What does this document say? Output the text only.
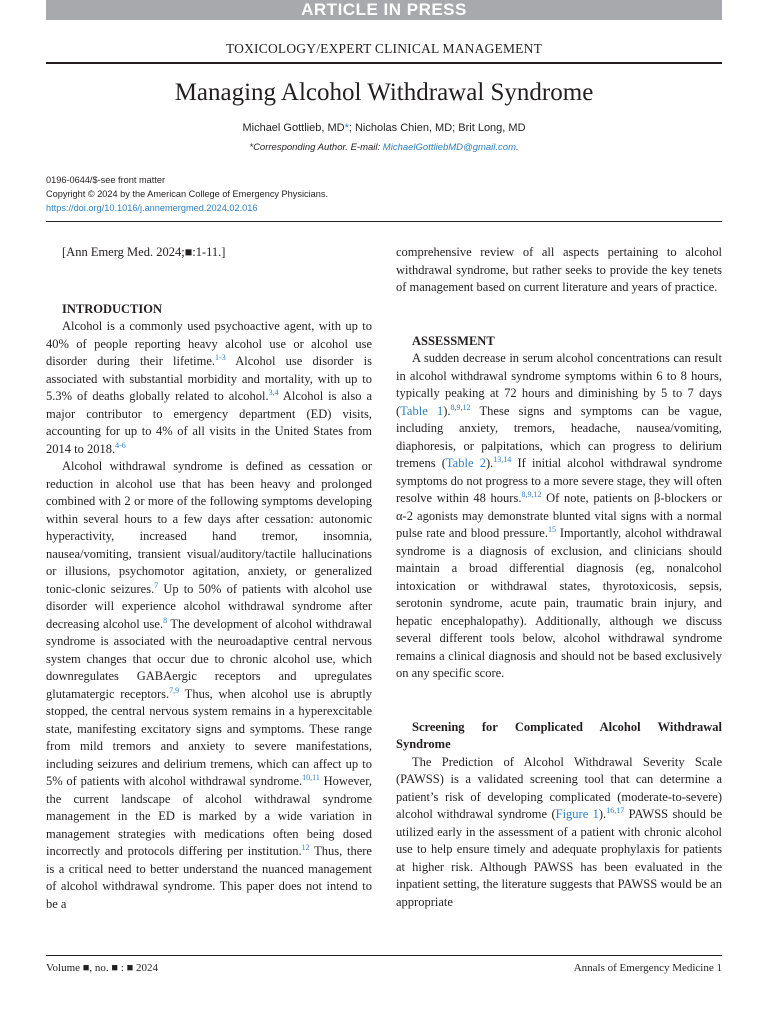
ARTICLE IN PRESS
TOXICOLOGY/EXPERT CLINICAL MANAGEMENT
Managing Alcohol Withdrawal Syndrome
Michael Gottlieb, MD*; Nicholas Chien, MD; Brit Long, MD
*Corresponding Author. E-mail: MichaelGottliebMD@gmail.com.
0196-0644/$-see front matter
Copyright © 2024 by the American College of Emergency Physicians.
https://doi.org/10.1016/j.annemergmed.2024.02.016

[Ann Emerg Med. 2024;■:1-11.]

INTRODUCTION

Alcohol is a commonly used psychoactive agent, with up to 40% of people reporting heavy alcohol use or alcohol use disorder during their lifetime.$^{1-3}$ Alcohol use disorder is associated with substantial morbidity and mortality, with up to 5.3% of deaths globally related to alcohol.$^{3,4}$ Alcohol is also a major contributor to emergency department (ED) visits, accounting for up to 4% of all visits in the United States from 2014 to 2018.$^{4-6}$

Alcohol withdrawal syndrome is defined as cessation or reduction in alcohol use that has been heavy and prolonged combined with 2 or more of the following symptoms developing within several hours to a few days after cessation: autonomic hyperactivity, increased hand tremor, insomnia, nausea/vomiting, transient visual/auditory/tactile hallucinations or illusions, psychomotor agitation, anxiety, or generalized tonic-clonic seizures.$^7$ Up to 50% of patients with alcohol use disorder will experience alcohol withdrawal syndrome after decreasing alcohol use.$^8$ The development of alcohol withdrawal syndrome is associated with the neuroadaptive central nervous system changes that occur due to chronic alcohol use, which downregulates GABAergic receptors and upregulates glutamatergic receptors.$^{7,9}$ Thus, when alcohol use is abruptly stopped, the central nervous system remains in a hyperexcitable state, manifesting excitatory signs and symptoms. These range from mild tremors and anxiety to severe manifestations, including seizures and delirium tremens, which can affect up to 5% of patients with alcohol withdrawal syndrome.$^{10,11}$ However, the current landscape of alcohol withdrawal syndrome management in the ED is marked by a wide variation in management strategies with medications often being dosed incorrectly and protocols differing per institution.$^{12}$ Thus, there is a critical need to better understand the nuanced management of alcohol withdrawal syndrome. This paper does not intend to be a

comprehensive review of all aspects pertaining to alcohol withdrawal syndrome, but rather seeks to provide the key tenets of management based on current literature and years of practice.

ASSESSMENT

A sudden decrease in serum alcohol concentrations can result in alcohol withdrawal syndrome symptoms within 6 to 8 hours, typically peaking at 72 hours and diminishing by 5 to 7 days (Table 1).$^{8,9,12}$ These signs and symptoms can be vague, including anxiety, tremors, headache, nausea/vomiting, diaphoresis, or palpitations, which can progress to delirium tremens (Table 2).$^{13,14}$ If initial alcohol withdrawal syndrome symptoms do not progress to a more severe stage, they will often resolve within 48 hours.$^{8,9,12}$ Of note, patients on β-blockers or α-2 agonists may demonstrate blunted vital signs with a normal pulse rate and blood pressure.$^{15}$ Importantly, alcohol withdrawal syndrome is a diagnosis of exclusion, and clinicians should maintain a broad differential diagnosis (eg, nonalcohol intoxication or withdrawal states, thyrotoxicosis, sepsis, serotonin syndrome, acute pain, traumatic brain injury, and hepatic encephalopathy). Additionally, although we discuss several different tools below, alcohol withdrawal syndrome remains a clinical diagnosis and should not be based exclusively on any specific score.

Screening for Complicated Alcohol Withdrawal Syndrome

The Prediction of Alcohol Withdrawal Severity Scale (PAWSS) is a validated screening tool that can determine a patient’s risk of developing complicated (moderate-to-severe) alcohol withdrawal syndrome (Figure 1).$^{16,17}$ PAWSS should be utilized early in the assessment of a patient with chronic alcohol use to help ensure timely and adequate prophylaxis for patients at higher risk. Although PAWSS has been evaluated in the inpatient setting, the literature suggests that PAWSS would be an appropriate

Volume ■, no. ■ : ■ 2024	Annals of Emergency Medicine 1
